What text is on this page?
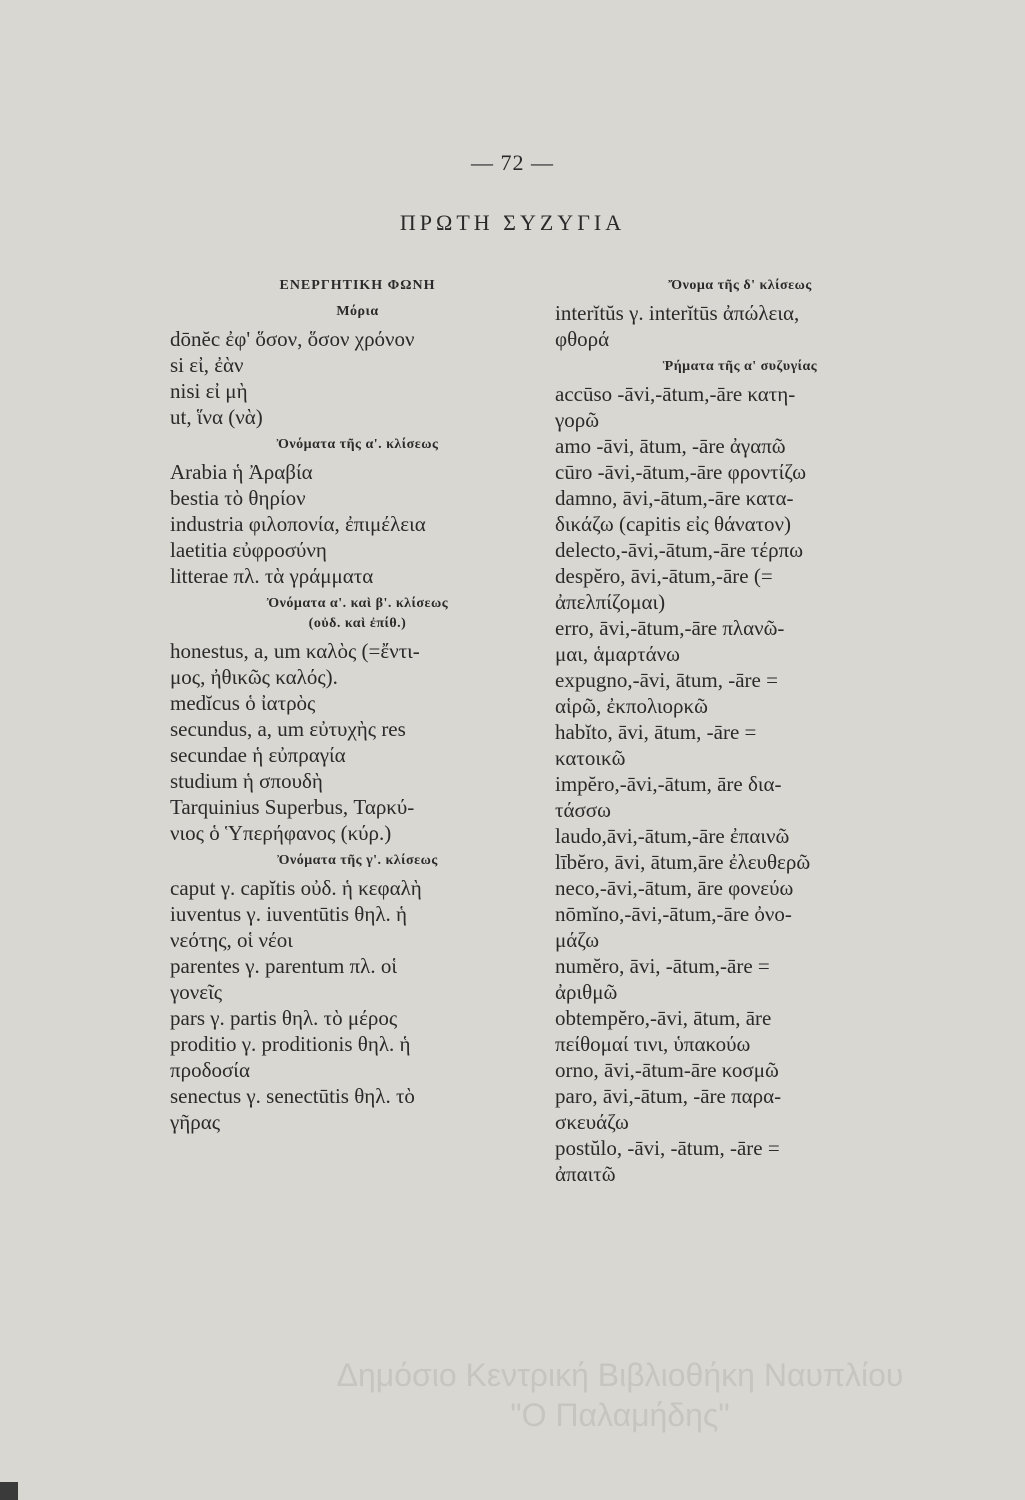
— 72 —
ΠΡΩΤΗ ΣΥΖΥΓΙΑ
ΕΝΕΡΓΗΤΙΚΗ ΦΩΝΗ
Μόρια
dōnĕc ἐφ' ὅσον, ὅσον χρόνον
si εἰ, ἐὰν
nisi εἰ μὴ
ut, ἵνα (νὰ)
Ὀνόματα τῆς α'. κλίσεως
Arabia ἡ Ἀραβία
bestia τὸ θηρίον
industria φιλοπονία, ἐπιμέλεια
laetitia εὐφροσύνη
litterae πλ. τὰ γράμματα
Ὀνόματα α'. καὶ β'. κλίσεως
(οὐδ. καὶ ἐπίθ.)
honestus, a, um καλὸς (=ἔντι-
μος, ἠθικῶς καλός).
medĭcus ὁ ἰατρὸς
secundus, a, um εὐτυχὴς res
secundae ἡ εὐπραγία
studium ἡ σπουδὴ
Tarquinius Superbus, Ταρκύ-
νιος ὁ Ὑπερήφανος (κύρ.)
Ὀνόματα τῆς γ'. κλίσεως
caput γ. capĭtis οὐδ. ἡ κεφαλὴ
iuventus γ. iuventūtis θηλ. ἡ
νεότης, οἱ νέοι
parentes γ. parentum πλ. οἱ
γονεῖς
pars γ. partis θηλ. τὸ μέρος
proditio γ. proditionis θηλ. ἡ
προδοσία
senectus γ. senectūtis θηλ. τὸ
γῆρας
Ὄνομα τῆς δ' κλίσεως
interĭtŭs γ. interĭtūs ἀπώλεια,
φθορά
Ῥήματα τῆς α' συζυγίας
accūso -āvi,-ātum,-āre κατη-
γορῶ
amo -āvi, ātum, -āre ἀγαπῶ
cūro -āvi,-ātum,-āre φροντίζω
damno, āvi,-ātum,-āre κατα-
δικάζω (capitis εἰς θάνατον)
delecto,-āvi,-ātum,-āre τέρπω
despĕro, āvi,-ātum,-āre (=
ἀπελπίζομαι)
erro, āvi,-ātum,-āre πλανῶ-
μαι, ἁμαρτάνω
expugno,-āvi, ātum, -āre =
αἱρῶ, ἐκπολιορκῶ
habĭto, āvi, ātum, -āre =
κατοικῶ
impĕro,-āvi,-ātum, āre δια-
τάσσω
laudo,āvi,-ātum,-āre ἐπαινῶ
lībĕro, āvi, ātum,āre ἐλευθερῶ
neco,-āvi,-ātum, āre φονεύω
nōmĭno,-āvi,-ātum,-āre ὀνο-
μάζω
numĕro, āvi, -ātum,-āre =
ἀριθμῶ
obtempĕro,-āvi, ātum, āre
πείθομαί τινι, ὑπακούω
orno, āvi,-ātum-āre κοσμῶ
paro, āvi,-ātum, -āre παρα-
σκευάζω
postŭlo, -āvi, -ātum, -āre =
ἀπαιτῶ
Δημόσιο Κεντρική Βιβλιοθήκη Ναυπλίου
"Ο Παλαμήδης"
